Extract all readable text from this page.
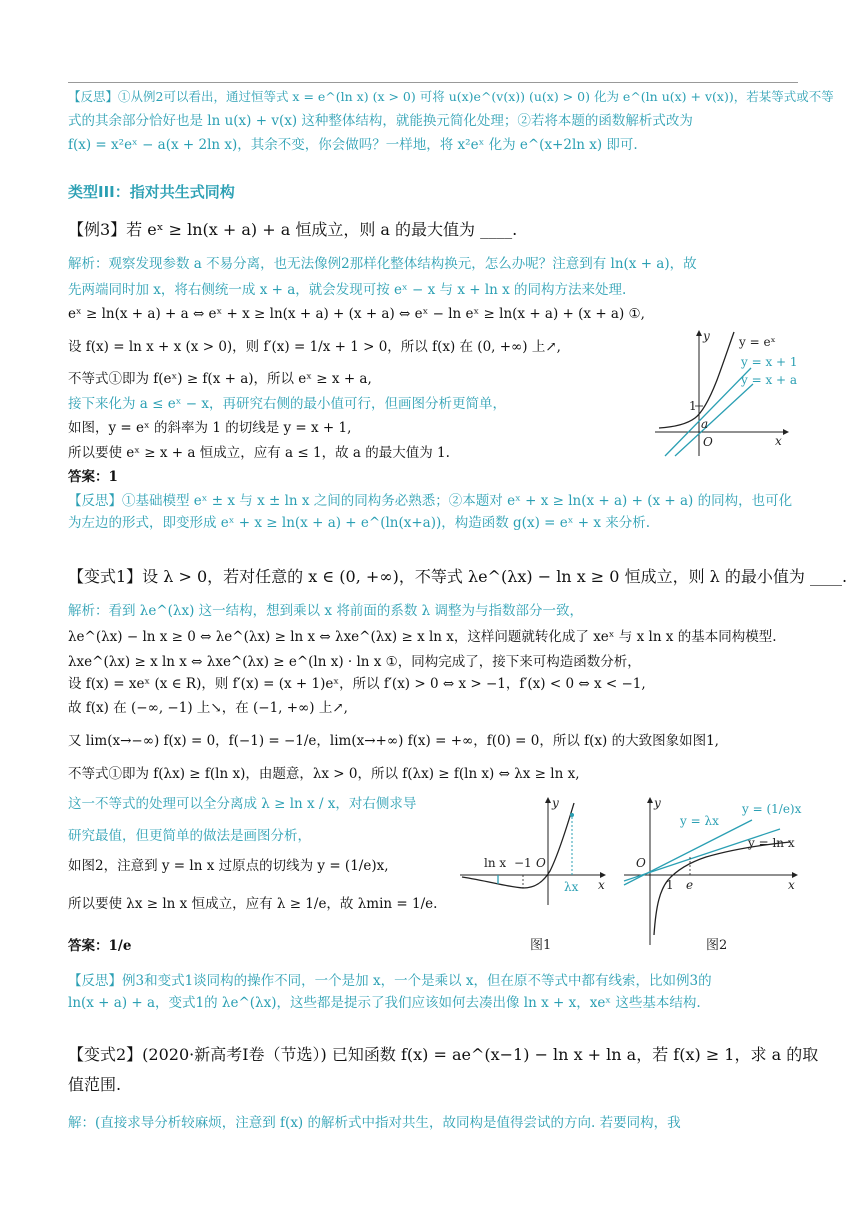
【反思】①从例2可以看出，通过恒等式 x = e^(ln x) (x > 0) 可将 u(x)e^(v(x)) (u(x) > 0) 化为 e^(ln u(x) + v(x))，若某等式或不等
式的其余部分恰好也是 ln u(x) + v(x) 这种整体结构，就能换元简化处理；②若将本题的函数解析式改为
f(x) = x²eˣ − a(x + 2ln x)，其余不变，你会做吗？一样地，将 x²eˣ 化为 e^(x+2ln x) 即可.
类型III：指对共生式同构
【例3】若 eˣ ≥ ln(x + a) + a 恒成立，则 a 的最大值为 ____.
解析：观察发现参数 a 不易分离，也无法像例2那样化整体结构换元，怎么办呢？注意到有 ln(x + a)，故
先两端同时加 x，将右侧统一成 x + a，就会发现可按 eˣ − x 与 x + ln x 的同构方法来处理.
eˣ ≥ ln(x + a) + a ⇔ eˣ + x ≥ ln(x + a) + (x + a) ⇔ eˣ − ln eˣ ≥ ln(x + a) + (x + a) ①,
设 f(x) = ln x + x (x > 0)，则 f′(x) = 1/x + 1 > 0，所以 f(x) 在 (0, +∞) 上↗,
不等式①即为 f(eˣ) ≥ f(x + a)，所以 eˣ ≥ x + a,
接下来化为 a ≤ eˣ − x，再研究右侧的最小值可行，但画图分析更简单，
如图，y = eˣ 的斜率为 1 的切线是 y = x + 1,
所以要使 eˣ ≥ x + a 恒成立，应有 a ≤ 1，故 a 的最大值为 1.
答案：1
y = eˣ
y = x + 1
y = x + a
x
y
O
1
a
【反思】①基础模型 eˣ ± x 与 x ± ln x 之间的同构务必熟悉；②本题对 eˣ + x ≥ ln(x + a) + (x + a) 的同构，也可化
为左边的形式，即变形成 eˣ + x ≥ ln(x + a) + e^(ln(x+a))，构造函数 g(x) = eˣ + x 来分析.
【变式1】设 λ > 0，若对任意的 x ∈ (0, +∞)，不等式 λe^(λx) − ln x ≥ 0 恒成立，则 λ 的最小值为 ____.
解析：看到 λe^(λx) 这一结构，想到乘以 x 将前面的系数 λ 调整为与指数部分一致，
λe^(λx) − ln x ≥ 0 ⇔ λe^(λx) ≥ ln x ⇔ λxe^(λx) ≥ x ln x，这样问题就转化成了 xeˣ 与 x ln x 的基本同构模型.
λxe^(λx) ≥ x ln x ⇔ λxe^(λx) ≥ e^(ln x) · ln x ①，同构完成了，接下来可构造函数分析，
设 f(x) = xeˣ (x ∈ R)，则 f′(x) = (x + 1)eˣ，所以 f′(x) > 0 ⇔ x > −1，f′(x) < 0 ⇔ x < −1,
故 f(x) 在 (−∞, −1) 上↘，在 (−1, +∞) 上↗,
又 lim(x→−∞) f(x) = 0，f(−1) = −1/e，lim(x→+∞) f(x) = +∞，f(0) = 0，所以 f(x) 的大致图象如图1,
不等式①即为 f(λx) ≥ f(ln x)，由题意，λx > 0，所以 f(λx) ≥ f(ln x) ⇔ λx ≥ ln x,
这一不等式的处理可以全分离成 λ ≥ ln x / x，对右侧求导
研究最值，但更简单的做法是画图分析，
如图2，注意到 y = ln x 过原点的切线为 y = (1/e)x,
所以要使 λx ≥ ln x 恒成立，应有 λ ≥ 1/e，故 λmin = 1/e.
答案：1/e
ln x −1 O
λx x
y
图1
y = λx
y = (1/e)x
y = ln x
O
1 e	x
y
图2
【反思】例3和变式1谈同构的操作不同，一个是加 x，一个是乘以 x，但在原不等式中都有线索，比如例3的
ln(x + a) + a，变式1的 λe^(λx)，这些都是提示了我们应该如何去凑出像 ln x + x，xeˣ 这些基本结构.
【变式2】(2020·新高考Ⅰ卷（节选）) 已知函数 f(x) = ae^(x−1) − ln x + ln a，若 f(x) ≥ 1，求 a 的取
值范围.
解：(直接求导分析较麻烦，注意到 f(x) 的解析式中指对共生，故同构是值得尝试的方向. 若要同构，我
